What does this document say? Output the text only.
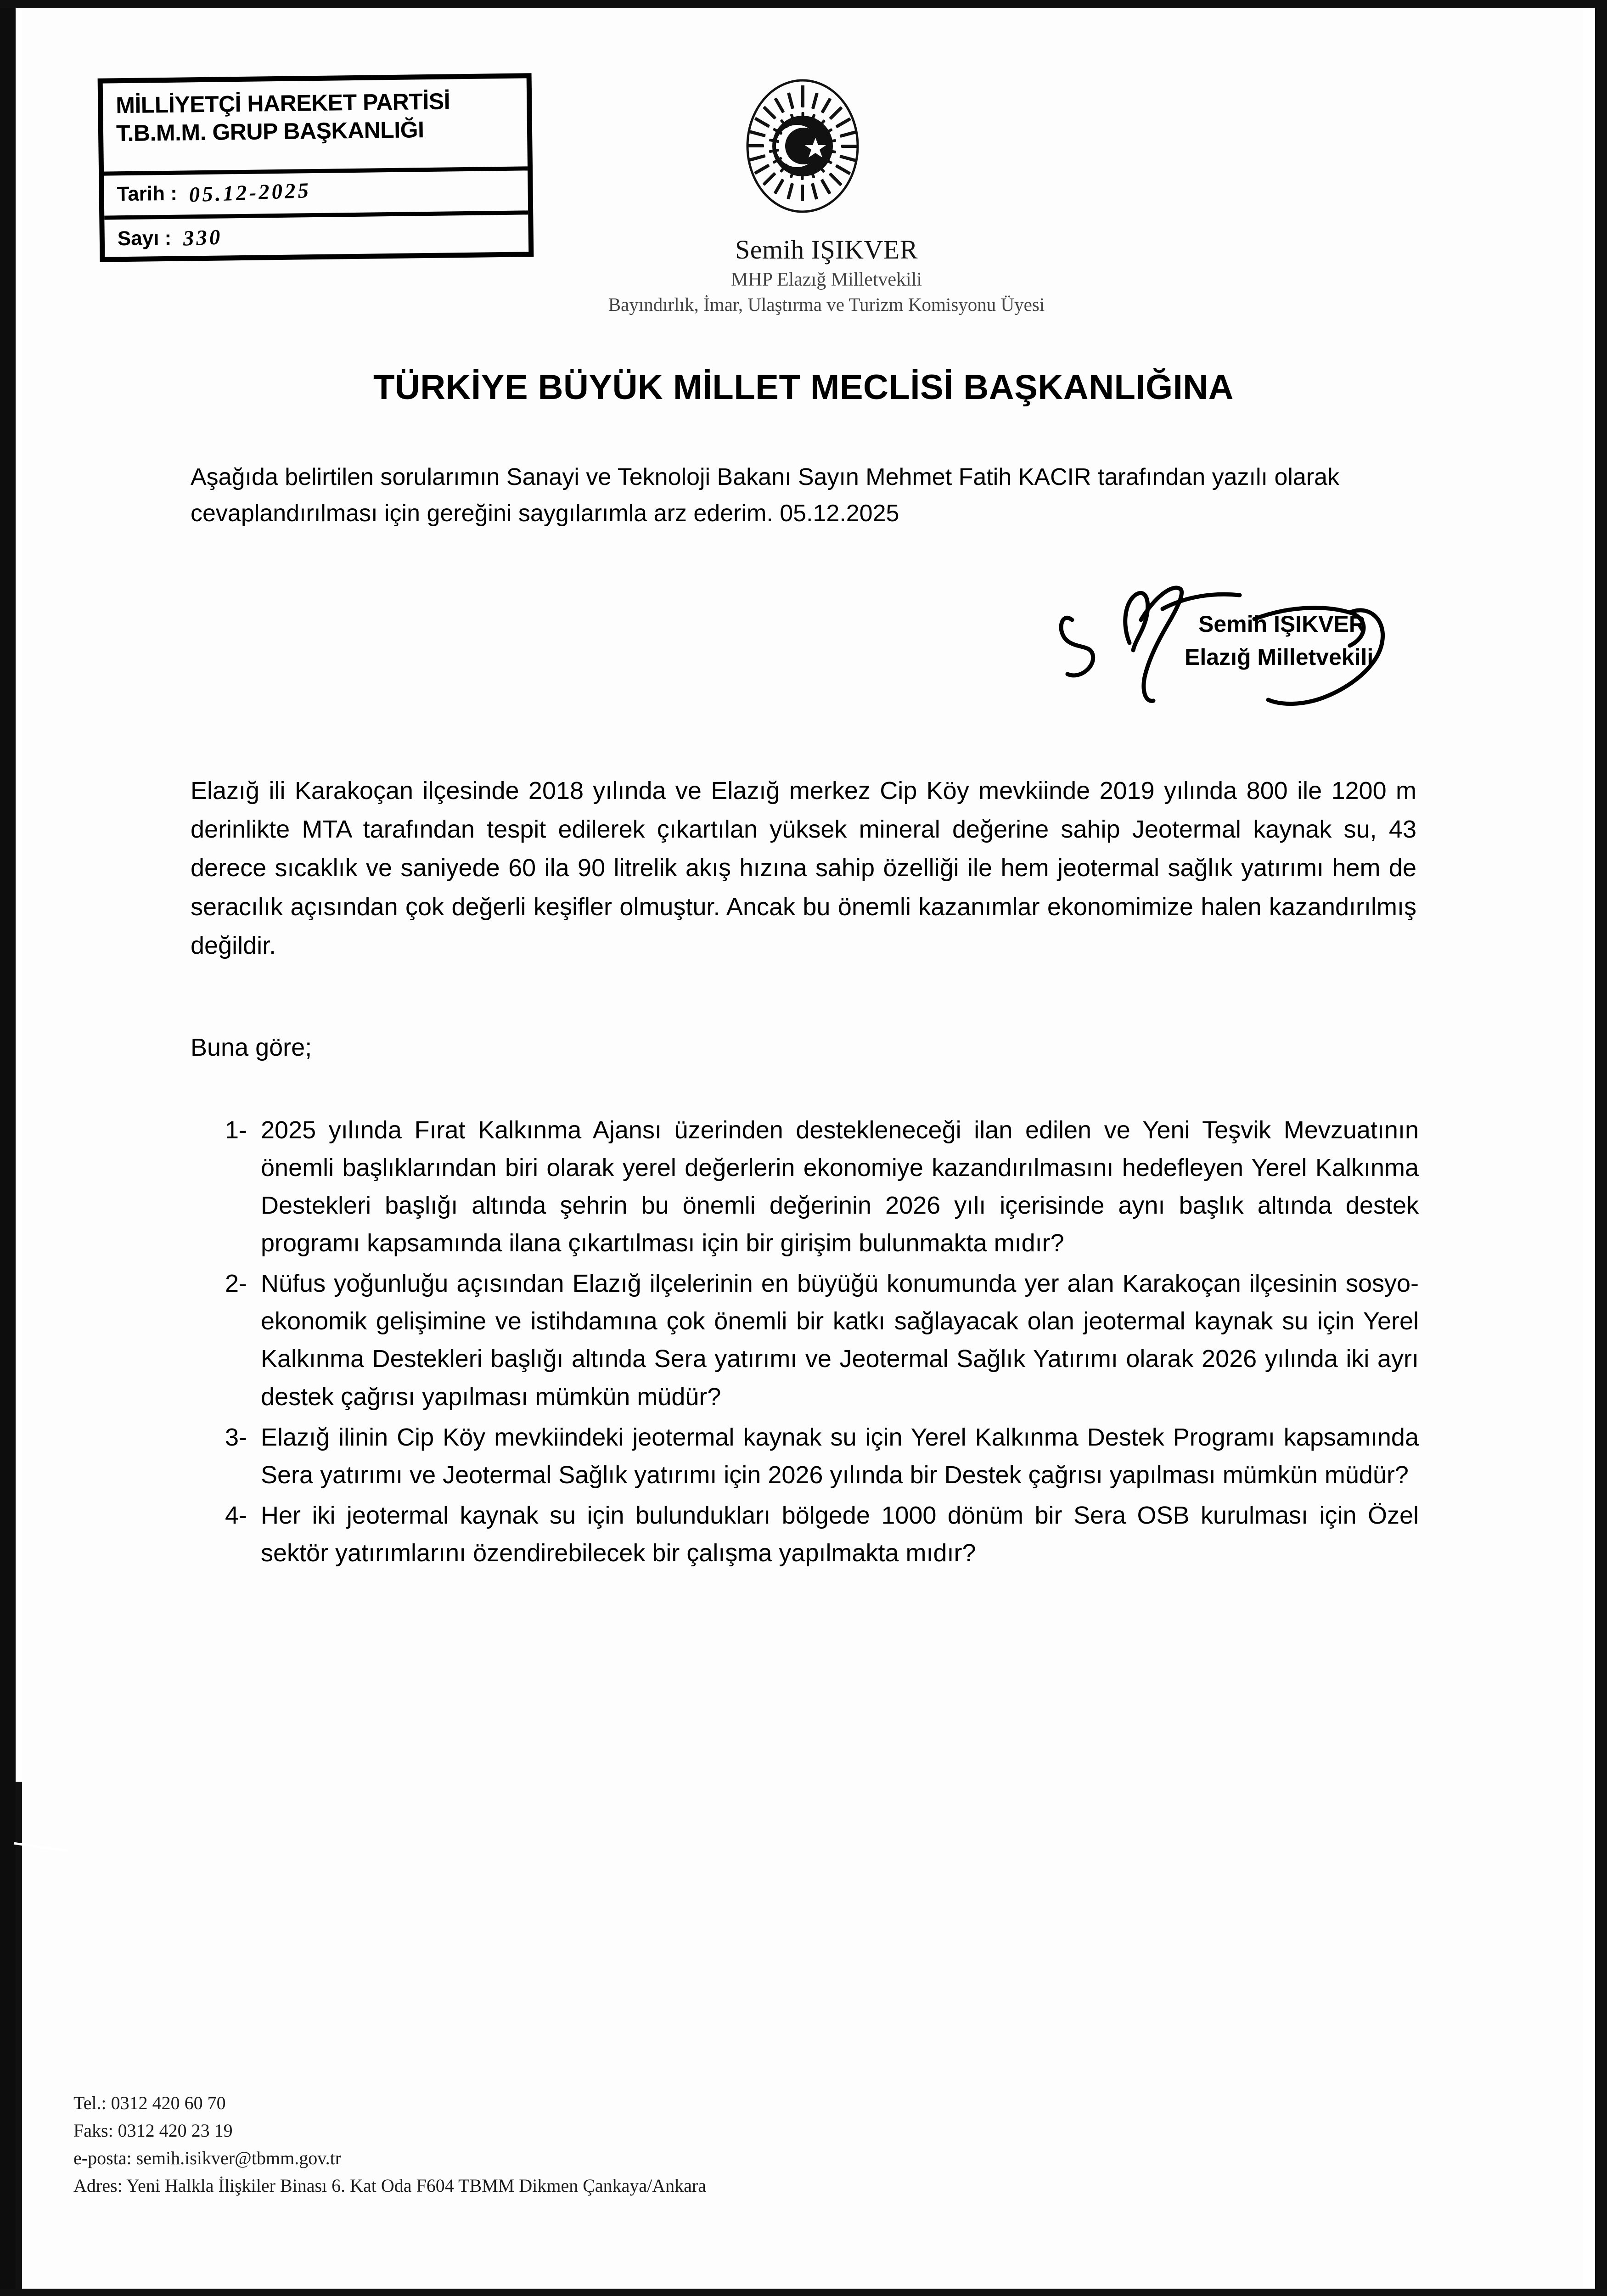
MİLLİYETÇİ HAREKET PARTİSİ
T.B.M.M. GRUP BAŞKANLIĞI
Tarih : 05.12-2025
Sayı : 330	Semih IŞIKVER
MHP Elazığ Milletvekili
Bayındırlık, İmar, Ulaştırma ve Turizm Komisyonu Üyesi
TÜRKİYE BÜYÜK MİLLET MECLİSİ BAŞKANLIĞINA
Aşağıda belirtilen sorularımın Sanayi ve Teknoloji Bakanı Sayın Mehmet Fatih KACIR tarafından yazılı olarak cevaplandırılması için gereğini saygılarımla arz ederim. 05.12.2025
Semih IŞIKVER
Elazığ Milletvekili
Elazığ ili Karakoçan ilçesinde 2018 yılında ve Elazığ merkez Cip Köy mevkiinde 2019 yılında 800 ile 1200 m derinlikte MTA tarafından tespit edilerek çıkartılan yüksek mineral değerine sahip Jeotermal kaynak su, 43 derece sıcaklık ve saniyede 60 ila 90 litrelik akış hızına sahip özelliği ile hem jeotermal sağlık yatırımı hem de seracılık açısından çok değerli keşifler olmuştur. Ancak bu önemli kazanımlar ekonomimize halen kazandırılmış değildir.
Buna göre;
1- 2025 yılında Fırat Kalkınma Ajansı üzerinden destekleneceği ilan edilen ve Yeni Teşvik Mevzuatının önemli başlıklarından biri olarak yerel değerlerin ekonomiye kazandırılmasını hedefleyen Yerel Kalkınma Destekleri başlığı altında şehrin bu önemli değerinin 2026 yılı içerisinde aynı başlık altında destek programı kapsamında ilana çıkartılması için bir girişim bulunmakta mıdır?
2- Nüfus yoğunluğu açısından Elazığ ilçelerinin en büyüğü konumunda yer alan Karakoçan ilçesinin sosyo-ekonomik gelişimine ve istihdamına çok önemli bir katkı sağlayacak olan jeotermal kaynak su için Yerel Kalkınma Destekleri başlığı altında Sera yatırımı ve Jeotermal Sağlık Yatırımı olarak 2026 yılında iki ayrı destek çağrısı yapılması mümkün müdür?
3- Elazığ ilinin Cip Köy mevkiindeki jeotermal kaynak su için Yerel Kalkınma Destek Programı kapsamında Sera yatırımı ve Jeotermal Sağlık yatırımı için 2026 yılında bir Destek çağrısı yapılması mümkün müdür?
4- Her iki jeotermal kaynak su için bulundukları bölgede 1000 dönüm bir Sera OSB kurulması için Özel sektör yatırımlarını özendirebilecek bir çalışma yapılmakta mıdır?
Tel.: 0312 420 60 70
Faks: 0312 420 23 19
e-posta: semih.isikver@tbmm.gov.tr
Adres: Yeni Halkla İlişkiler Binası 6. Kat Oda F604 TBMM Dikmen Çankaya/Ankara
